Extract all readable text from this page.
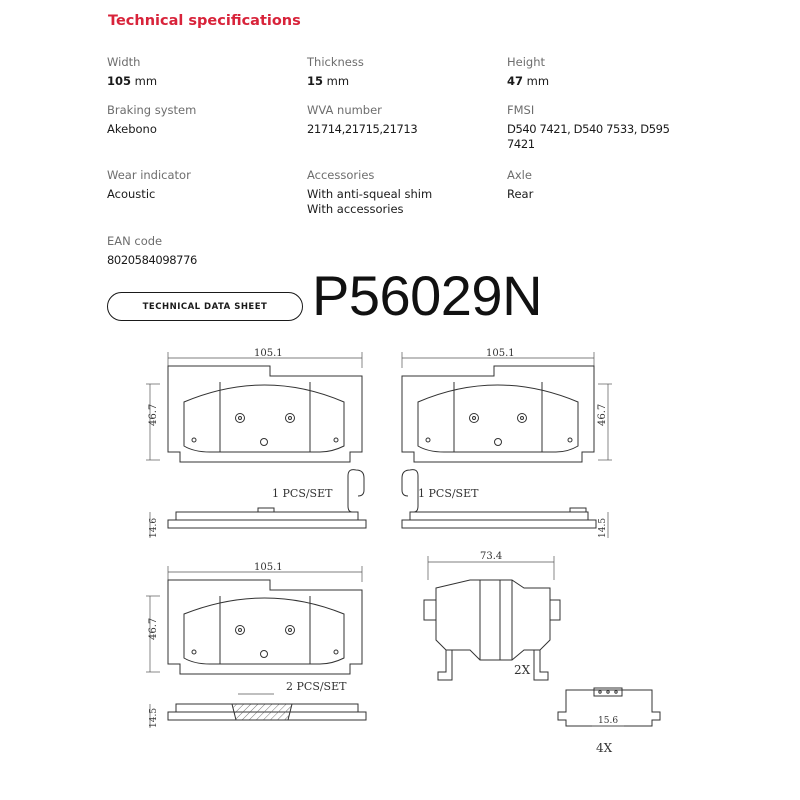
Technical specifications
Width
105 mm
Thickness
15 mm
Height
47 mm
Braking system
Akebono
WVA number
21714,21715,21713
FMSI
D540 7421, D540 7533, D595
7421
Wear indicator
Acoustic
Accessories
With anti-squeal shim
With accessories
Axle
Rear
EAN code
8020584098776
TECHNICAL DATA SHEET P56029N
105.1
46.7
105.1
46.7
1 PCS/SET
14.6
1 PCS/SET
14.5
105.1
46.7
2 PCS/SET
14.5
73.4
2X
15.6
4X
